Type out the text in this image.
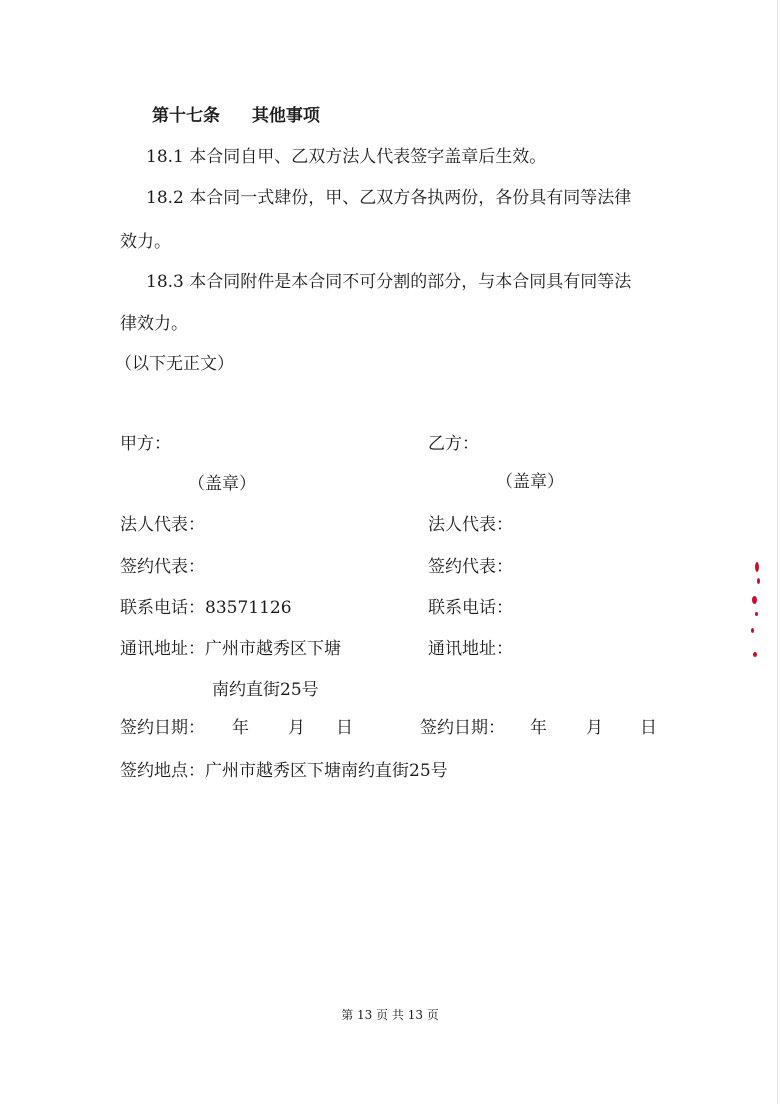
第十七条 其他事项
18.1 本合同自甲、乙双方法人代表签字盖章后生效。
18.2 本合同一式肆份，甲、乙双方各执两份，各份具有同等法律
效力。
18.3 本合同附件是本合同不可分割的部分，与本合同具有同等法
律效力。
（以下无正文）
甲方：
（盖章）
法人代表：
签约代表：
联系电话：83571126
通讯地址：广州市越秀区下塘
南约直街25号
签约日期： 年 月 日
乙方：
（盖章）
法人代表：
签约代表：
联系电话：
通讯地址：
签约日期： 年 月 日
签约地点：广州市越秀区下塘南约直街25号
第 13 页 共 13 页
